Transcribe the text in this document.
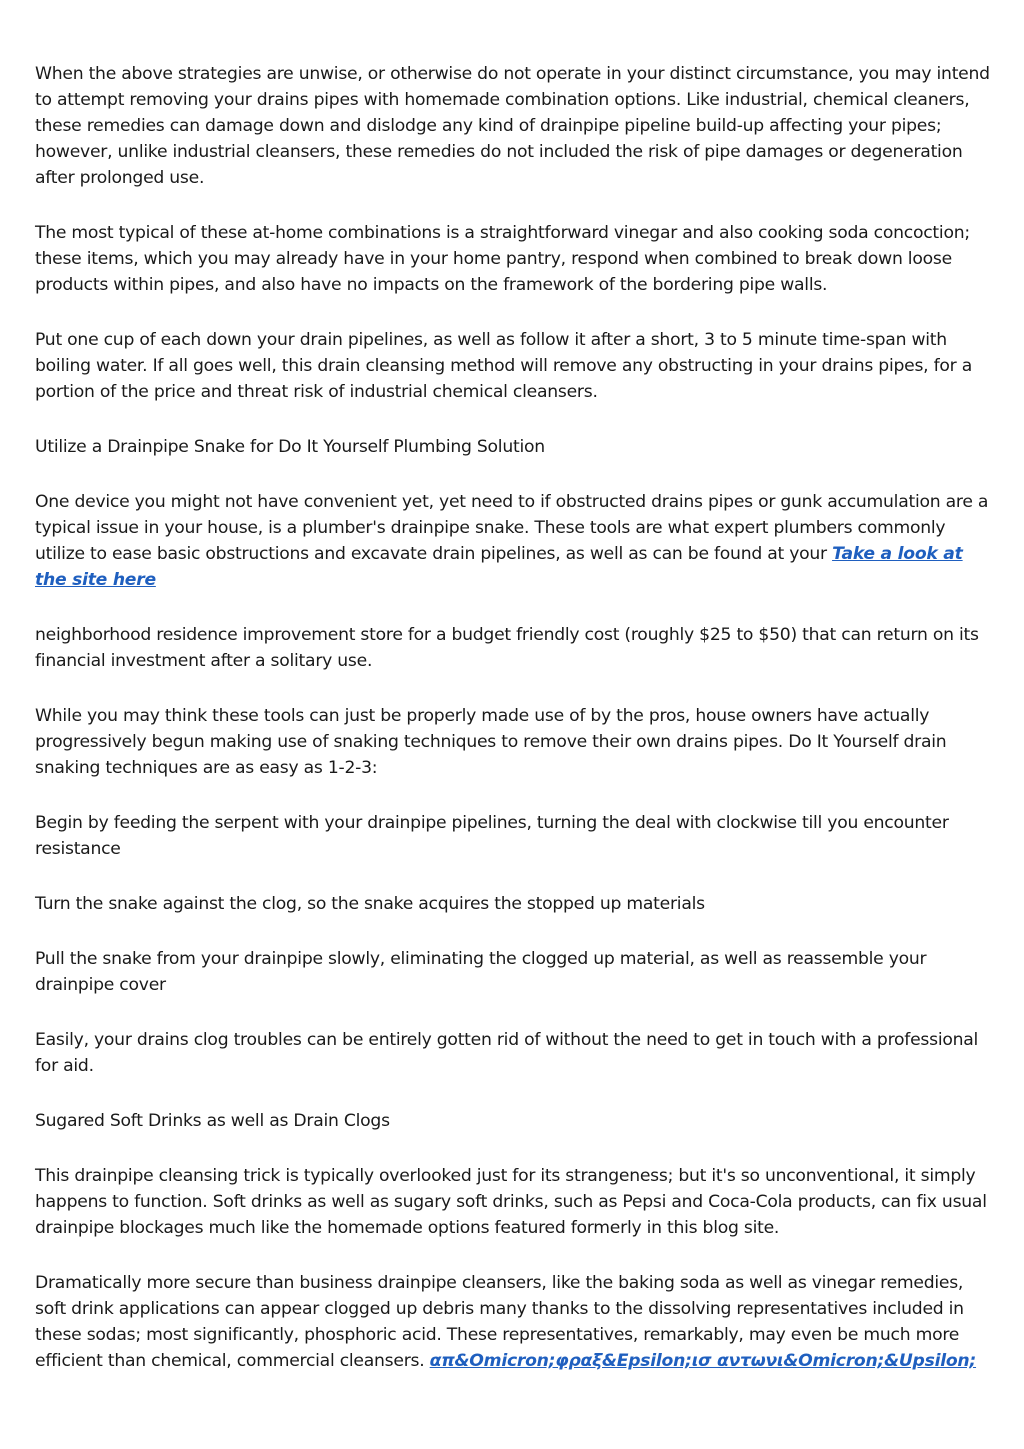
When the above strategies are unwise, or otherwise do not operate in your distinct circumstance, you may intend to attempt removing your drains pipes with homemade combination options. Like industrial, chemical cleaners, these remedies can damage down and dislodge any kind of drainpipe pipeline build-up affecting your pipes; however, unlike industrial cleansers, these remedies do not included the risk of pipe damages or degeneration after prolonged use.

The most typical of these at-home combinations is a straightforward vinegar and also cooking soda concoction; these items, which you may already have in your home pantry, respond when combined to break down loose products within pipes, and also have no impacts on the framework of the bordering pipe walls.

Put one cup of each down your drain pipelines, as well as follow it after a short, 3 to 5 minute time-span with boiling water. If all goes well, this drain cleansing method will remove any obstructing in your drains pipes, for a portion of the price and threat risk of industrial chemical cleansers.

Utilize a Drainpipe Snake for Do It Yourself Plumbing Solution

One device you might not have convenient yet, yet need to if obstructed drains pipes or gunk accumulation are a typical issue in your house, is a plumber's drainpipe snake. These tools are what expert plumbers commonly utilize to ease basic obstructions and excavate drain pipelines, as well as can be found at your Take a look at the site here

neighborhood residence improvement store for a budget friendly cost (roughly $25 to $50) that can return on its financial investment after a solitary use.

While you may think these tools can just be properly made use of by the pros, house owners have actually progressively begun making use of snaking techniques to remove their own drains pipes. Do It Yourself drain snaking techniques are as easy as 1-2-3:

Begin by feeding the serpent with your drainpipe pipelines, turning the deal with clockwise till you encounter resistance

Turn the snake against the clog, so the snake acquires the stopped up materials

Pull the snake from your drainpipe slowly, eliminating the clogged up material, as well as reassemble your drainpipe cover

Easily, your drains clog troubles can be entirely gotten rid of without the need to get in touch with a professional for aid.

Sugared Soft Drinks as well as Drain Clogs

This drainpipe cleansing trick is typically overlooked just for its strangeness; but it's so unconventional, it simply happens to function. Soft drinks as well as sugary soft drinks, such as Pepsi and Coca-Cola products, can fix usual drainpipe blockages much like the homemade options featured formerly in this blog site.

Dramatically more secure than business drainpipe cleansers, like the baking soda as well as vinegar remedies, soft drink applications can appear clogged up debris many thanks to the dissolving representatives included in these sodas; most significantly, phosphoric acid. These representatives, remarkably, may even be much more efficient than chemical, commercial cleansers. απ&Omicron;φραξ&Epsilon;ισ αντωνι&Omicron;&Upsilon;
